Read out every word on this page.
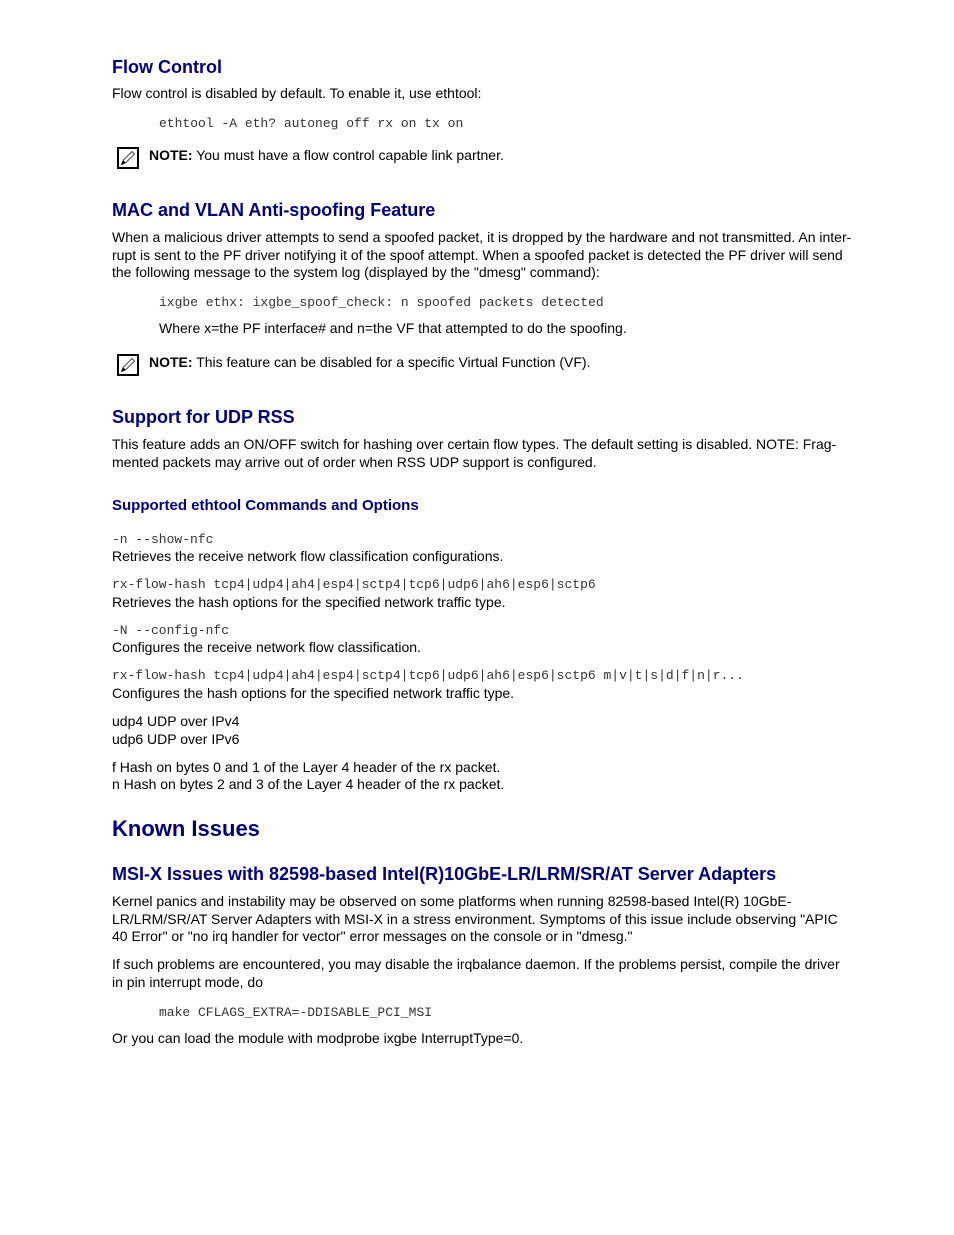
Flow Control

Flow control is disabled by default. To enable it, use ethtool:

ethtool -A eth? autoneg off rx on tx on
NOTE: You must have a flow control capable link partner.
MAC and VLAN Anti-spoofing Feature

When a malicious driver attempts to send a spoofed packet, it is dropped by the hardware and not transmitted. An inter-

rupt is sent to the PF driver notifying it of the spoof attempt. When a spoofed packet is detected the PF driver will send

the following message to the system log (displayed by the "dmesg" command):

ixgbe ethx: ixgbe_spoof_check: n spoofed packets detected

Where x=the PF interface# and n=the VF that attempted to do the spoofing.

NOTE: This feature can be disabled for a specific Virtual Function (VF).
Support for UDP RSS

This feature adds an ON/OFF switch for hashing over certain flow types. The default setting is disabled. NOTE: Frag-

mented packets may arrive out of order when RSS UDP support is configured.

Supported ethtool Commands and Options
-n --show-nfc

Retrieves the receive network flow classification configurations.

rx-flow-hash tcp4|udp4|ah4|esp4|sctp4|tcp6|udp6|ah6|esp6|sctp6

Retrieves the hash options for the specified network traffic type.

-N --config-nfc

Configures the receive network flow classification.

rx-flow-hash tcp4|udp4|ah4|esp4|sctp4|tcp6|udp6|ah6|esp6|sctp6 m|v|t|s|d|f|n|r...

Configures the hash options for the specified network traffic type.

udp4 UDP over IPv4

udp6 UDP over IPv6

f Hash on bytes 0 and 1 of the Layer 4 header of the rx packet.

n Hash on bytes 2 and 3 of the Layer 4 header of the rx packet.

Known Issues
MSI-X Issues with 82598-based Intel(R)10GbE-LR/LRM/SR/AT Server Adapters

Kernel panics and instability may be observed on some platforms when running 82598-based Intel(R) 10GbE-

LR/LRM/SR/AT Server Adapters with MSI-X in a stress environment. Symptoms of this issue include observing "APIC

40 Error" or "no irq handler for vector" error messages on the console or in "dmesg."

If such problems are encountered, you may disable the irqbalance daemon. If the problems persist, compile the driver

in pin interrupt mode, do

make CFLAGS_EXTRA=-DDISABLE_PCI_MSI

Or you can load the module with modprobe ixgbe InterruptType=0.
